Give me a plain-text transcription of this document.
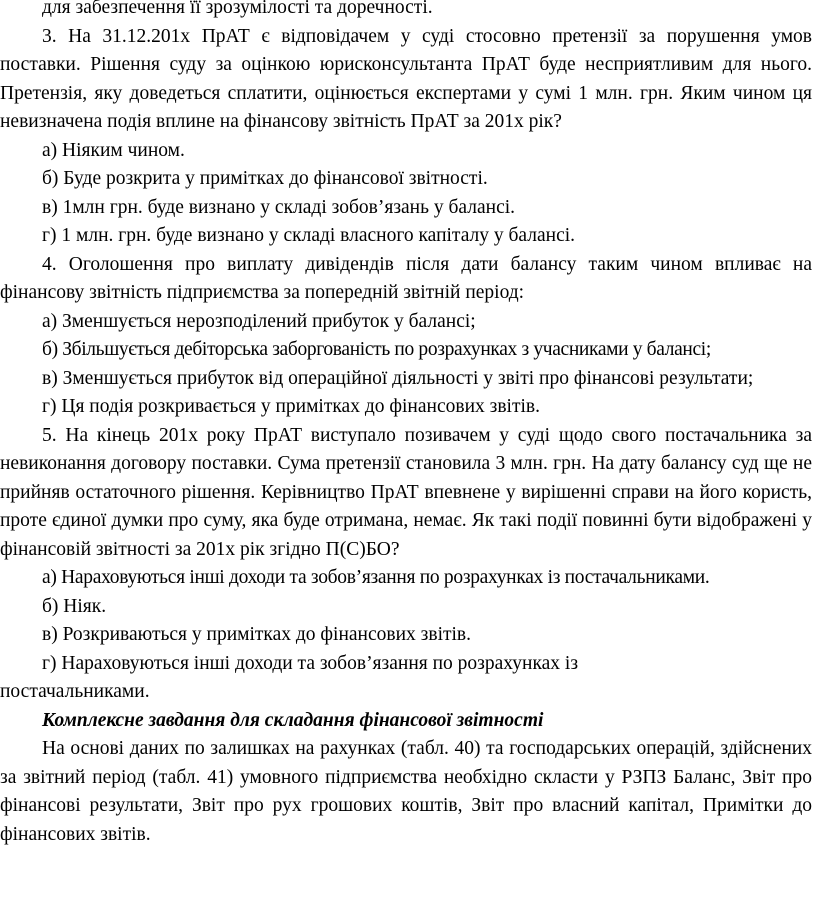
для забезпечення її зрозумілості та доречності.

3. На 31.12.201х ПрАТ є відповідачем у суді стосовно претензії за порушення умов поставки. Рішення суду за оцінкою юрисконсультанта ПрАТ буде несприятливим для нього. Претензія, яку доведеться сплатити, оцінюється експертами у сумі 1 млн. грн. Яким чином ця невизначена подія вплине на фінансову звітність ПрАТ за 201х рік?

а) Ніяким чином.

б) Буде розкрита у примітках до фінансової звітності.

в) 1млн грн. буде визнано у складі зобов’язань у балансі.

г) 1 млн. грн. буде визнано у складі власного капіталу у балансі.

4. Оголошення про виплату дивідендів після дати балансу таким чином впливає на фінансову звітність підприємства за попередній звітній період:

а) Зменшується нерозподілений прибуток у балансі;

б) Збільшується дебіторська заборгованість по розрахунках з учасниками у балансі;

в) Зменшується прибуток від операційної діяльності у звіті про фінансові результати;

г) Ця подія розкривається у примітках до фінансових звітів.

5. На кінець 201х року ПрАТ виступало позивачем у суді щодо свого постачальника за невиконання договору поставки. Сума претензії становила 3 млн. грн. На дату балансу суд ще не прийняв остаточного рішення. Керівництво ПрАТ впевнене у вирішенні справи на його користь, проте єдиної думки про суму, яка буде отримана, немає. Як такі події повинні бути відображені у фінансовій звітності за 201х рік згідно П(С)БО?

а) Нараховуються інші доходи та зобов’язання по розрахунках із постачальниками.

б) Ніяк.

в) Розкриваються у примітках до фінансових звітів.

г) Нараховуються інші доходи та зобов’язання по розрахунках із постачальниками.

Комплексне завдання для складання фінансової звітності

На основі даних по залишках на рахунках (табл. 40) та господарських операцій, здійснених за звітний період (табл. 41) умовного підприємства необхідно скласти у РЗПЗ Баланс, Звіт про фінансові результати, Звіт про рух грошових коштів, Звіт про власний капітал, Примітки до фінансових звітів.
